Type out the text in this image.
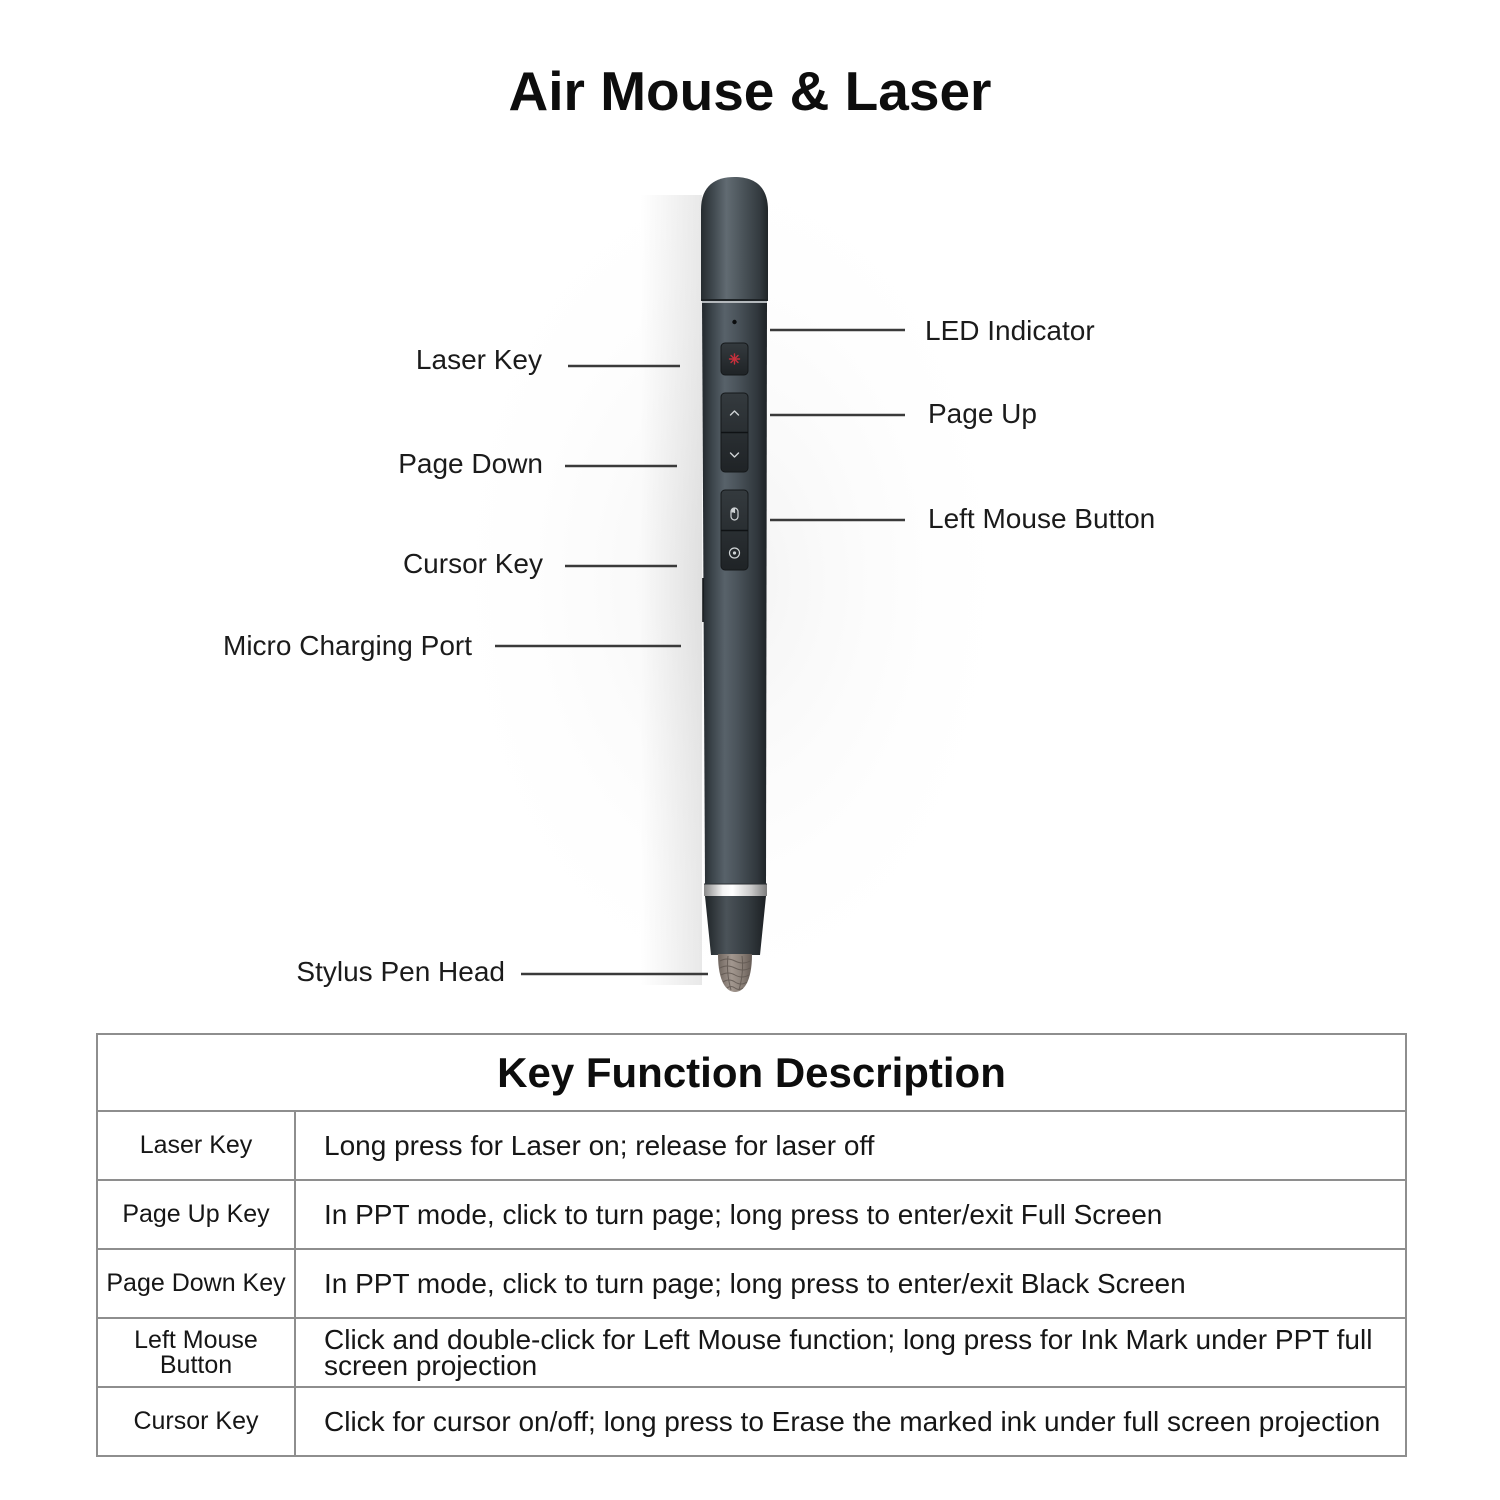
Air Mouse & Laser
Laser Key
Page Down
Cursor Key
Micro Charging Port
Stylus Pen Head
LED Indicator
Page Up
Left Mouse Button
Key Function Description	
Laser Key	Long press for Laser on; release for laser off
Page Up Key	In PPT mode, click to turn page; long press to enter/exit Full Screen
Page Down Key	In PPT mode, click to turn page; long press to enter/exit Black Screen
Left Mouse Button	Click and double-click for Left Mouse function; long press for Ink Mark under PPT full screen projection
Cursor Key	Click for cursor on/off; long press to Erase the marked ink under full screen projection
